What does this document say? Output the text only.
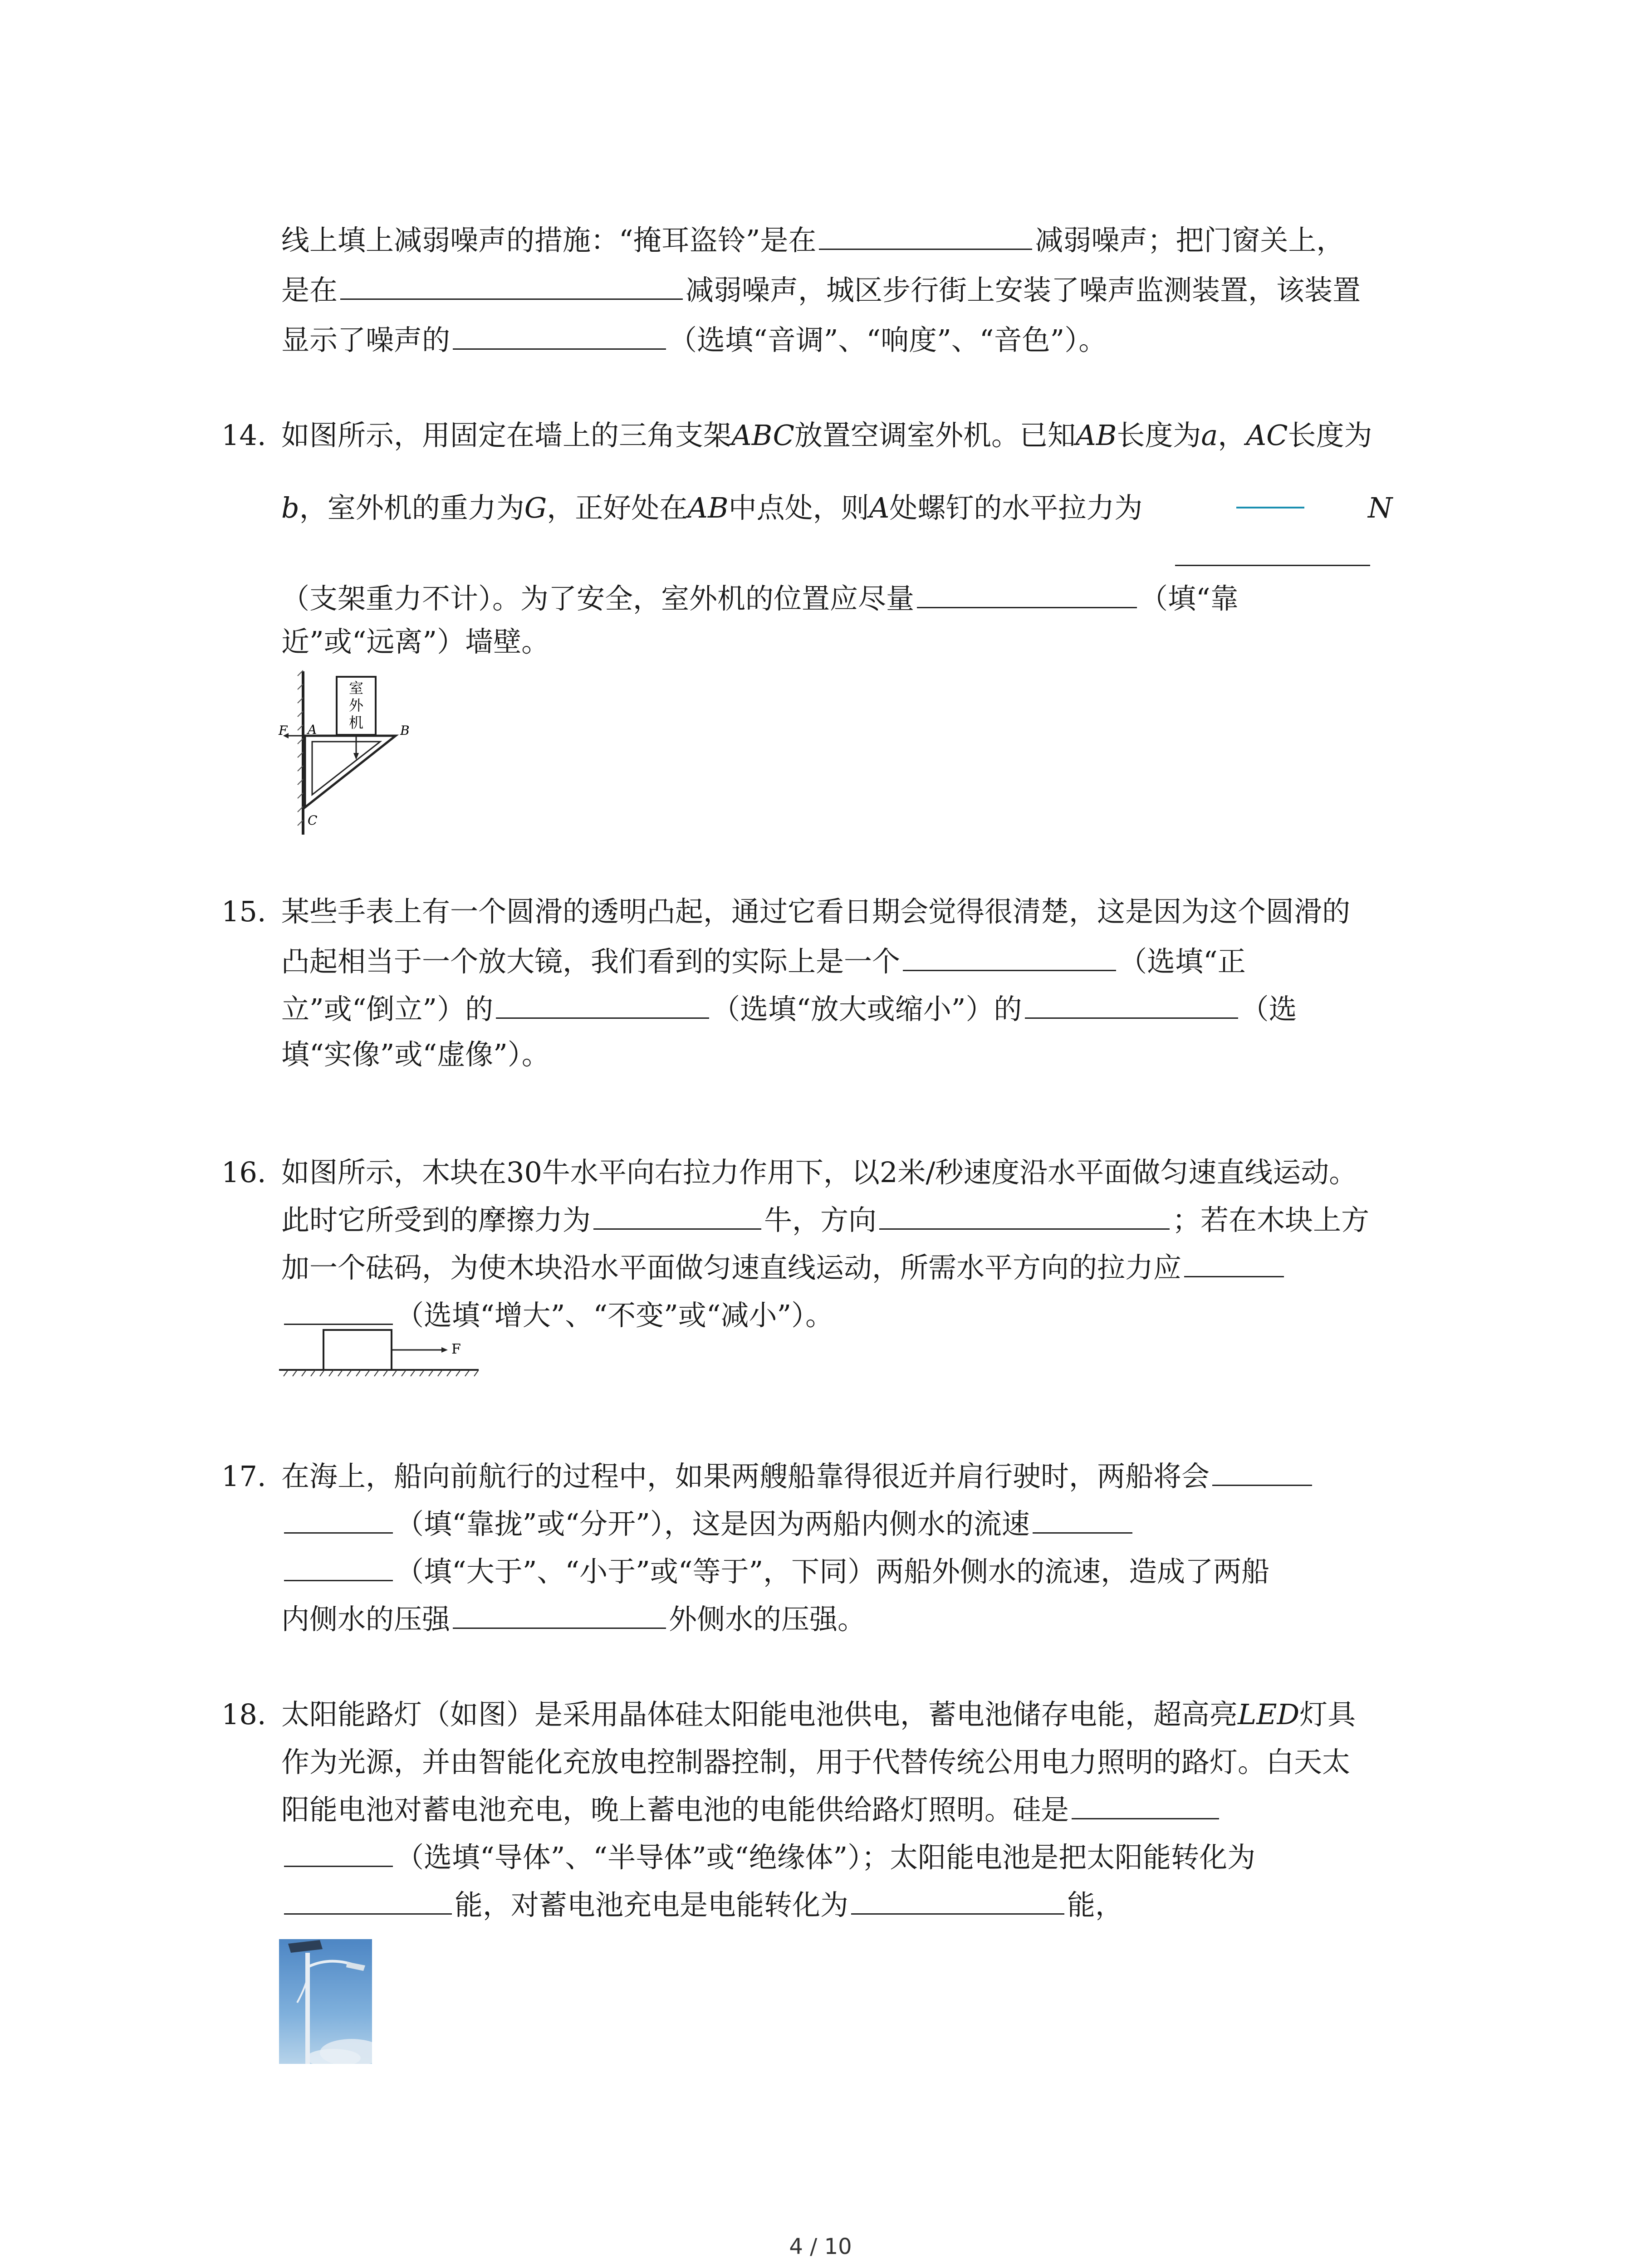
线上填上减弱噪声的措施：“掩耳盗铃”是在	减弱噪声；把门窗关上，
是在	减弱噪声，城区步行街上安装了噪声监测装置，该装置
显示了噪声的	（选填“音调”、“响度”、“音色”）。
14. 如图所示，用固定在墙上的三角支架ABC放置空调室外机。已知AB长度为a，AC长度为
b，室外机的重力为G，正好处在AB中点处，则A处螺钉的水平拉力为	N
（支架重力不计）。为了安全，室外机的位置应尽量	（填“靠
近”或“远离”）墙壁。
室
外
机
F A	B
C
15. 某些手表上有一个圆滑的透明凸起，通过它看日期会觉得很清楚，这是因为这个圆滑的
凸起相当于一个放大镜，我们看到的实际上是一个	（选填“正
立”或“倒立”）的	（选填“放大或缩小”）的	（选
填“实像”或“虚像”）。
16. 如图所示，木块在30牛水平向右拉力作用下，以2米/秒速度沿水平面做匀速直线运动。
此时它所受到的摩擦力为	牛，方向	；若在木块上方
加一个砝码，为使木块沿水平面做匀速直线运动，所需水平方向的拉力应
（选填“增大”、“不变”或“减小”）。
F
17. 在海上，船向前航行的过程中，如果两艘船靠得很近并肩行驶时，两船将会
（填“靠拢”或“分开”），这是因为两船内侧水的流速
（填“大于”、“小于”或“等于”，下同）两船外侧水的流速，造成了两船
内侧水的压强	外侧水的压强。
18. 太阳能路灯（如图）是采用晶体硅太阳能电池供电，蓄电池储存电能，超高亮LED灯具
作为光源，并由智能化充放电控制器控制，用于代替传统公用电力照明的路灯。白天太
阳能电池对蓄电池充电，晚上蓄电池的电能供给路灯照明。硅是
（选填“导体”、“半导体”或“绝缘体”）；太阳能电池是把太阳能转化为
能，对蓄电池充电是电能转化为	能，
4 / 10
